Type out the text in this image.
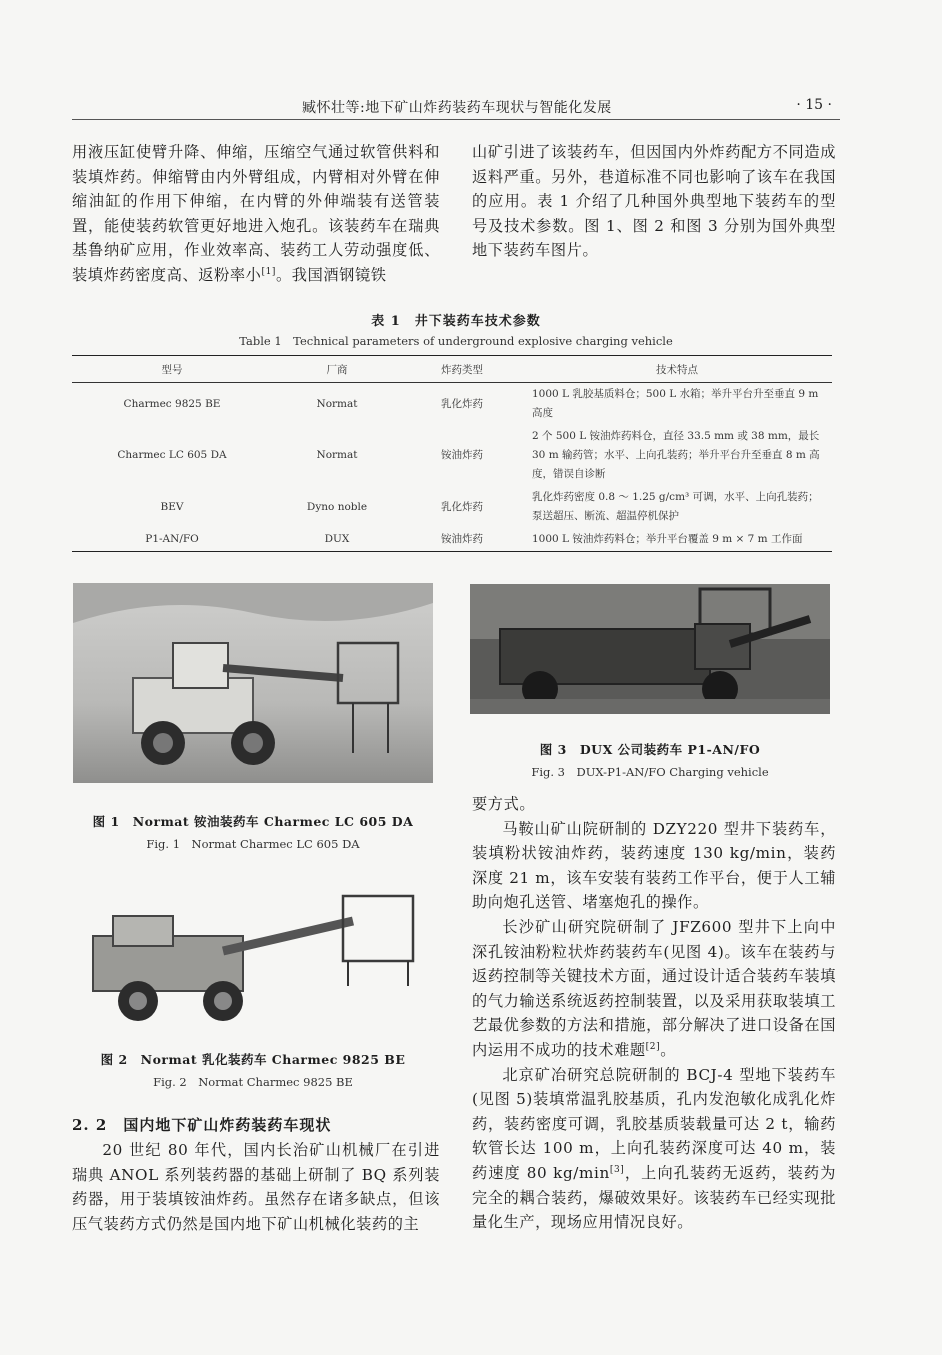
臧怀壮等:地下矿山炸药装药车现状与智能化发展	· 15 ·

用液压缸使臂升降、伸缩，压缩空气通过软管供料和装填炸药。伸缩臂由内外臂组成，内臂相对外臂在伸缩油缸的作用下伸缩，在内臂的外伸端装有送管装置，能使装药软管更好地进入炮孔。该装药车在瑞典基鲁纳矿应用，作业效率高、装药工人劳动强度低、装填炸药密度高、返粉率小[1]。我国酒钢镜铁

山矿引进了该装药车，但因国内外炸药配方不同造成返料严重。另外，巷道标准不同也影响了该车在我国的应用。表 1 介绍了几种国外典型地下装药车的型号及技术参数。图 1、图 2 和图 3 分别为国外典型地下装药车图片。

表 1　井下装药车技术参数
Table 1　Technical parameters of underground explosive charging vehicle
型号	厂商	炸药类型	技术特点
Charmec 9825 BE	Normat	乳化炸药	1000 L 乳胶基质料仓；500 L 水箱；举升平台升至垂直 9 m 高度
Charmec LC 605 DA	Normat	铵油炸药	2 个 500 L 铵油炸药料仓，直径 33.5 mm 或 38 mm，最长 30 m 输药管；水平、上向孔装药；举升平台升至垂直 8 m 高度，错误自诊断
BEV	Dyno noble	乳化炸药	乳化炸药密度 0.8 ～ 1.25 g/cm³ 可调，水平、上向孔装药；泵送超压、断流、超温停机保护
P1-AN/FO	DUX	铵油炸药	1000 L 铵油炸药料仓；举升平台覆盖 9 m × 7 m 工作面
图 1　Normat 铵油装药车 Charmec LC 605 DA
Fig. 1　Normat Charmec LC 605 DA
图 2　Normat 乳化装药车 Charmec 9825 BE
Fig. 2　Normat Charmec 9825 BE
图 3　DUX 公司装药车 P1-AN/FO
Fig. 3　DUX-P1-AN/FO Charging vehicle
2. 2　国内地下矿山炸药装药车现状

20 世纪 80 年代，国内长治矿山机械厂在引进瑞典 ANOL 系列装药器的基础上研制了 BQ 系列装药器，用于装填铵油炸药。虽然存在诸多缺点，但该压气装药方式仍然是国内地下矿山机械化装药的主

要方式。

马鞍山矿山院研制的 DZY220 型井下装药车，装填粉状铵油炸药，装药速度 130 kg/min，装药深度 21 m，该车安装有装药工作平台，便于人工辅助向炮孔送管、堵塞炮孔的操作。

长沙矿山研究院研制了 JFZ600 型井下上向中深孔铵油粉粒状炸药装药车(见图 4)。该车在装药与返药控制等关键技术方面，通过设计适合装药车装填的气力输送系统返药控制装置，以及采用获取装填工艺最优参数的方法和措施，部分解决了进口设备在国内运用不成功的技术难题[2]。

北京矿冶研究总院研制的 BCJ-4 型地下装药车(见图 5)装填常温乳胶基质，孔内发泡敏化成乳化炸药，装药密度可调，乳胶基质装载量可达 2 t，输药软管长达 100 m，上向孔装药深度可达 40 m，装药速度 80 kg/min[3]，上向孔装药无返药，装药为完全的耦合装药，爆破效果好。该装药车已经实现批量化生产，现场应用情况良好。
